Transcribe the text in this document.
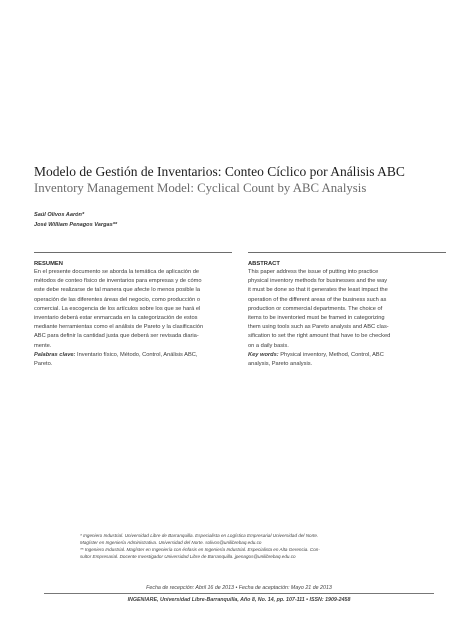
Modelo de Gestión de Inventarios: Conteo Cíclico por Análisis ABC
Inventory Management Model: Cyclical Count by ABC Analysis
Saúl Olivos Aarón*
José William Penagos Vargas**
RESUMEN
En el presente documento se aborda la temática de aplicación de
métodos de conteo físico de inventarios para empresas y de cómo
este debe realizarse de tal manera que afecte lo menos posible la
operación de las diferentes áreas del negocio, como producción o
comercial. La escogencia de los artículos sobre los que se hará el
inventario deberá estar enmarcada en la categorización de estos
mediante herramientas como el análisis de Pareto y la clasificación
ABC para definir la cantidad justa que deberá ser revisada diaria-
mente.
Palabras clave: Inventario físico, Método, Control, Análisis ABC,
Pareto.
ABSTRACT
This paper address the issue of putting into practice
physical inventory methods for businesses and the way
it must be done so that it generates the least impact the
operation of the different areas of the business such as
production or commercial departments. The choice of
items to be inventoried must be framed in categorizing
them using tools such as Pareto analysis and ABC clas-
sification to set the right amount that have to be checked
on a daily basis.
Key words: Physical inventory, Method, Control, ABC
analysis, Pareto analysis.
* Ingeniero Industrial. Universidad Libre de Barranquilla. Especialista en Logística Empresarial Universidad del Norte.
Magíster en Ingeniería Administrativa. Universidad del Norte. solivos@unilibrebaq.edu.co
** Ingeniero Industrial. Magíster en Ingeniería con énfasis en Ingeniería Industrial. Especialista en Alta Gerencia. Con-
sultor Empresarial. Docente Investigador Universidad Libre de Barranquilla. jpenagos@unilibrebaq.edu.co
Fecha de recepción: Abril 16 de 2013 • Fecha de aceptación: Mayo 21 de 2013
INGENIARE, Universidad Libre-Barranquilla, Año 8, No. 14, pp. 107-111 • ISSN: 1909-2458
